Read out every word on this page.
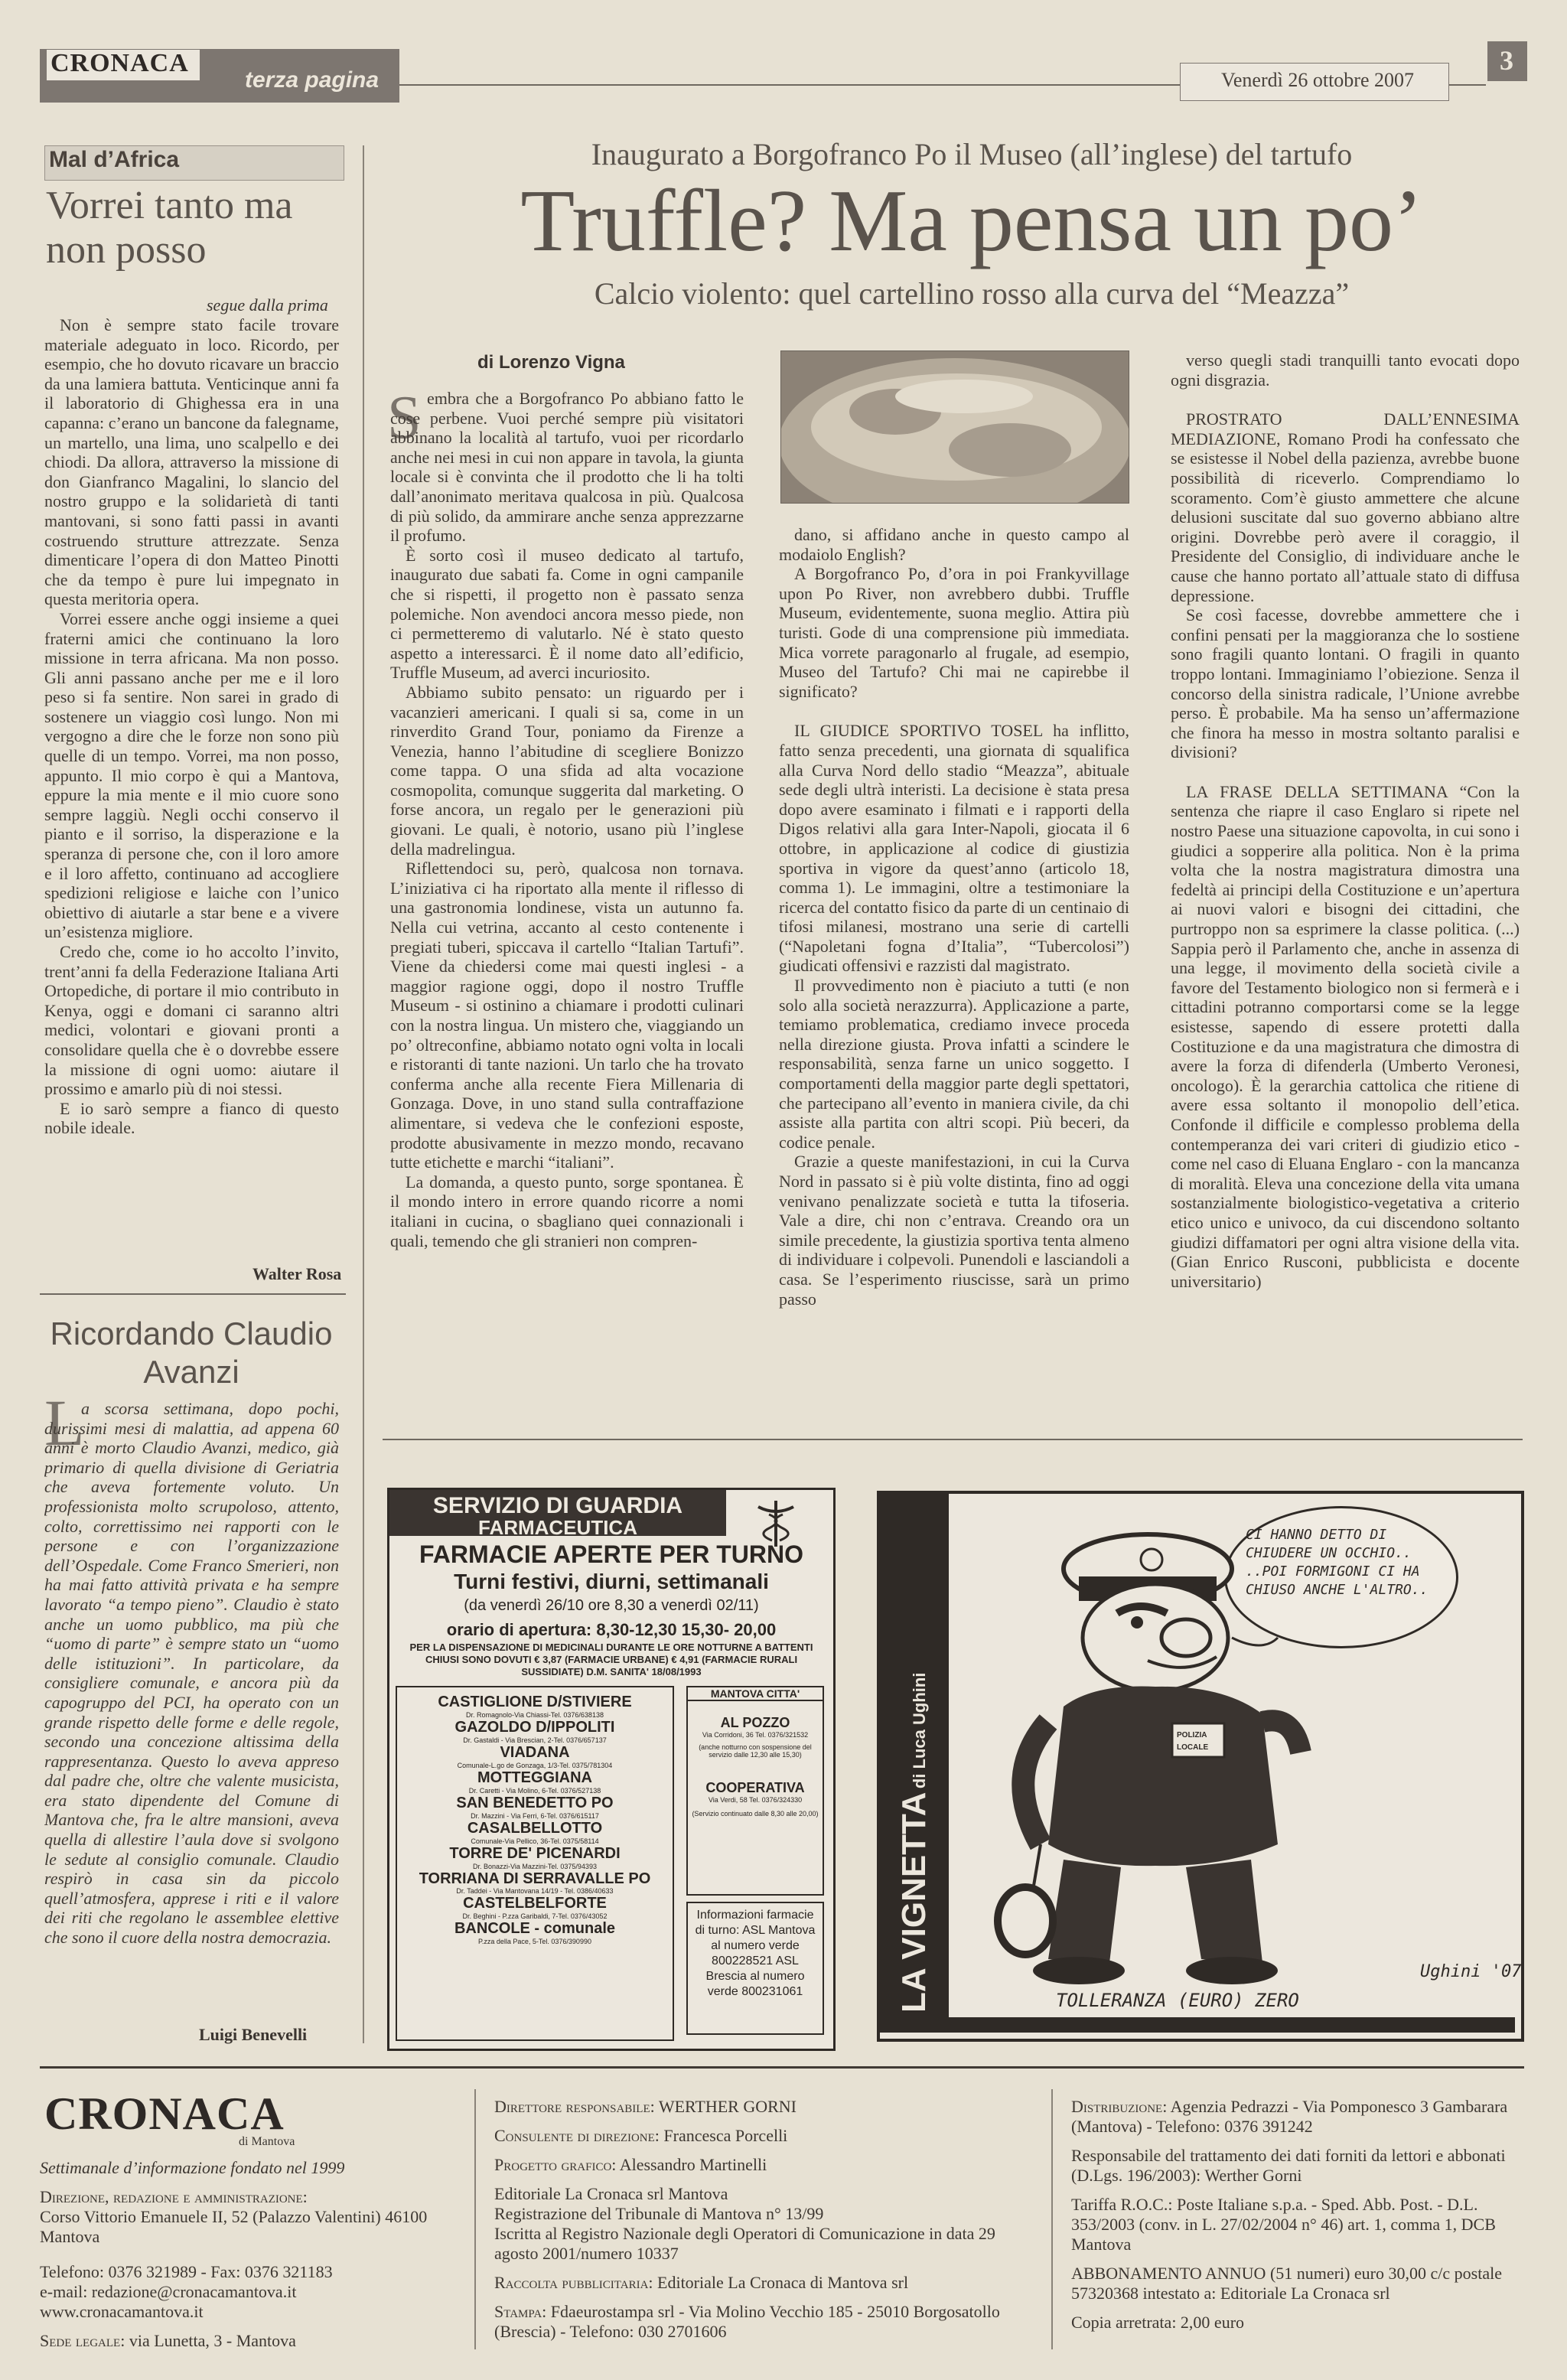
CRONACA
terza pagina	Venerdì 26 ottobre 2007
3
Mal d’Africa
Vorrei tanto ma non posso
segue dalla prima

Non è sempre stato facile trovare materiale adeguato in loco. Ricordo, per esempio, che ho dovuto ricavare un braccio da una lamiera battuta. Venticinque anni fa il laboratorio di Ghighessa era in una capanna: c’erano un bancone da falegname, un martello, una lima, uno scalpello e dei chiodi. Da allora, attraverso la missione di don Gianfranco Magalini, lo slancio del nostro gruppo e la solidarietà di tanti mantovani, si sono fatti passi in avanti costruendo strutture attrezzate. Senza dimenticare l’opera di don Matteo Pinotti che da tempo è pure lui impegnato in questa meritoria opera.

Vorrei essere anche oggi insieme a quei fraterni amici che continuano la loro missione in terra africana. Ma non posso. Gli anni passano anche per me e il loro peso si fa sentire. Non sarei in grado di sostenere un viaggio così lungo. Non mi vergogno a dire che le forze non sono più quelle di un tempo. Vorrei, ma non posso, appunto. Il mio corpo è qui a Mantova, eppure la mia mente e il mio cuore sono sempre laggiù. Negli occhi conservo il pianto e il sorriso, la disperazione e la speranza di persone che, con il loro amore e il loro affetto, continuano ad accogliere spedizioni religiose e laiche con l’unico obiettivo di aiutarle a star bene e a vivere un’esistenza migliore.

Credo che, come io ho accolto l’invito, trent’anni fa della Federazione Italiana Arti Ortopediche, di portare il mio contributo in Kenya, oggi e domani ci saranno altri medici, volontari e giovani pronti a consolidare quella che è o dovrebbe essere la missione di ogni uomo: aiutare il prossimo e amarlo più di noi stessi.

E io sarò sempre a fianco di questo nobile ideale.

Walter Rosa
Ricordando Claudio Avanzi
L

a scorsa settimana, dopo pochi, durissimi mesi di malattia, ad appena 60 anni è morto Claudio Avanzi, medico, già primario di quella divisione di Geriatria che aveva fortemente voluto. Un professionista molto scrupoloso, attento, colto, correttissimo nei rapporti con le persone e con l’organizzazione dell’Ospedale. Come Franco Smerieri, non ha mai fatto attività privata e ha sempre lavorato “a tempo pieno”. Claudio è stato anche un uomo pubblico, ma più che “uomo di parte” è sempre stato un “uomo delle istituzioni”. In particolare, da consigliere comunale, e ancora più da capogruppo del PCI, ha operato con un grande rispetto delle forme e delle regole, secondo una concezione altissima della rappresentanza. Questo lo aveva appreso dal padre che, oltre che valente musicista, era stato dipendente del Comune di Mantova che, fra le altre mansioni, aveva quella di allestire l’aula dove si svolgono le sedute al consiglio comunale. Claudio respirò in casa sin da piccolo quell’atmosfera, apprese i riti e il valore dei riti che regolano le assemblee elettive che sono il cuore della nostra democrazia.

Luigi Benevelli
Inaugurato a Borgofranco Po il Museo (all’inglese) del tartufo
Truffle? Ma pensa un po’
Calcio violento: quel cartellino rosso alla curva del “Meazza”
di Lorenzo Vigna
S embra che a Borgofranco Po abbiano fatto le cose perbene. Vuoi perché sempre più visitatori abbinano la località al tartufo, vuoi per ricordarlo anche nei mesi in cui non appare in tavola, la giunta locale si è convinta che il prodotto che li ha tolti dall’anonimato meritava qualcosa in più. Qualcosa di più solido, da ammirare anche senza apprezzarne il profumo.

È sorto così il museo dedicato al tartufo, inaugurato due sabati fa. Come in ogni campanile che si rispetti, il progetto non è passato senza polemiche. Non avendoci ancora messo piede, non ci permetteremo di valutarlo. Né è stato questo aspetto a interessarci. È il nome dato all’edificio, Truffle Museum, ad averci incuriosito.

Abbiamo subito pensato: un riguardo per i vacanzieri americani. I quali si sa, come in un rinverdito Grand Tour, poniamo da Firenze a Venezia, hanno l’abitudine di scegliere Bonizzo come tappa. O una sfida ad alta vocazione cosmopolita, comunque suggerita dal marketing. O forse ancora, un regalo per le generazioni più giovani. Le quali, è notorio, usano più l’inglese della madrelingua.

Riflettendoci su, però, qualcosa non tornava. L’iniziativa ci ha riportato alla mente il riflesso di una gastronomia londinese, vista un autunno fa. Nella cui vetrina, accanto al cesto contenente i pregiati tuberi, spiccava il cartello “Italian Tartufi”. Viene da chiedersi come mai questi inglesi - a maggior ragione oggi, dopo il nostro Truffle Museum - si ostinino a chiamare i prodotti culinari con la nostra lingua. Un mistero che, viaggiando un po’ oltreconfine, abbiamo notato ogni volta in locali e ristoranti di tante nazioni. Un tarlo che ha trovato conferma anche alla recente Fiera Millenaria di Gonzaga. Dove, in uno stand sulla contraffazione alimentare, si vedeva che le confezioni esposte, prodotte abusivamente in mezzo mondo, recavano tutte etichette e marchi “italiani”.

La domanda, a questo punto, sorge spontanea. È il mondo intero in errore quando ricorre a nomi italiani in cucina, o sbagliano quei connazionali i quali, temendo che gli stranieri non compren-

dano, si affidano anche in questo campo al modaiolo English?

A Borgofranco Po, d’ora in poi Frankyvillage upon Po River, non avrebbero dubbi. Truffle Museum, evidentemente, suona meglio. Attira più turisti. Gode di una comprensione più immediata. Mica vorrete paragonarlo al frugale, ad esempio, Museo del Tartufo? Chi mai ne capirebbe il significato?

IL GIUDICE SPORTIVO TOSEL ha inflitto, fatto senza precedenti, una giornata di squalifica alla Curva Nord dello stadio “Meazza”, abituale sede degli ultrà interisti. La decisione è stata presa dopo avere esaminato i filmati e i rapporti della Digos relativi alla gara Inter-Napoli, giocata il 6 ottobre, in applicazione al codice di giustizia sportiva in vigore da quest’anno (articolo 18, comma 1). Le immagini, oltre a testimoniare la ricerca del contatto fisico da parte di un centinaio di tifosi milanesi, mostrano una serie di cartelli (“Napoletani fogna d’Italia”, “Tubercolosi”) giudicati offensivi e razzisti dal magistrato.

Il provvedimento non è piaciuto a tutti (e non solo alla società nerazzurra). Applicazione a parte, temiamo problematica, crediamo invece proceda nella direzione giusta. Prova infatti a scindere le responsabilità, senza farne un unico soggetto. I comportamenti della maggior parte degli spettatori, che partecipano all’evento in maniera civile, da chi assiste alla partita con altri scopi. Più beceri, da codice penale.

Grazie a queste manifestazioni, in cui la Curva Nord in passato si è più volte distinta, fino ad oggi venivano penalizzate società e tutta la tifoseria. Vale a dire, chi non c’entrava. Creando ora un simile precedente, la giustizia sportiva tenta almeno di individuare i colpevoli. Punendoli e lasciandoli a casa. Se l’esperimento riuscisse, sarà un primo passo

verso quegli stadi tranquilli tanto evocati dopo ogni disgrazia.

PROSTRATO DALL’ENNESIMA MEDIAZIONE, Romano Prodi ha confessato che se esistesse il Nobel della pazienza, avrebbe buone possibilità di riceverlo. Comprendiamo lo scoramento. Com’è giusto ammettere che alcune delusioni suscitate dal suo governo abbiano altre origini. Dovrebbe però avere il coraggio, il Presidente del Consiglio, di individuare anche le cause che hanno portato all’attuale stato di diffusa depressione.

Se così facesse, dovrebbe ammettere che i confini pensati per la maggioranza che lo sostiene sono fragili quanto lontani. O fragili in quanto troppo lontani. Immaginiamo l’obiezione. Senza il concorso della sinistra radicale, l’Unione avrebbe perso. È probabile. Ma ha senso un’affermazione che finora ha messo in mostra soltanto paralisi e divisioni?

LA FRASE DELLA SETTIMANA “Con la sentenza che riapre il caso Englaro si ripete nel nostro Paese una situazione capovolta, in cui sono i giudici a sopperire alla politica. Non è la prima volta che la nostra magistratura dimostra una fedeltà ai principi della Costituzione e un’apertura ai nuovi valori e bisogni dei cittadini, che purtroppo non sa esprimere la classe politica. (...) Sappia però il Parlamento che, anche in assenza di una legge, il movimento della società civile a favore del Testamento biologico non si fermerà e i cittadini potranno comportarsi come se la legge esistesse, sapendo di essere protetti dalla Costituzione e da una magistratura che dimostra di avere la forza di difenderla (Umberto Veronesi, oncologo). È la gerarchia cattolica che ritiene di avere essa soltanto il monopolio dell’etica. Confonde il difficile e complesso problema della contemperanza dei vari criteri di giudizio etico - come nel caso di Eluana Englaro - con la mancanza di moralità. Eleva una concezione della vita umana sostanzialmente biologistico-vegetativa a criterio etico unico e univoco, da cui discendono soltanto giudizi diffamatori per ogni altra visione della vita. (Gian Enrico Rusconi, pubblicista e docente universitario)

SERVIZIO DI GUARDIA
FARMACEUTICA
FARMACIE APERTE PER TURNO
Turni festivi, diurni, settimanali
(da venerdì 26/10 ore 8,30 a venerdì 02/11)
orario di apertura: 8,30-12,30 15,30- 20,00
PER LA DISPENSAZIONE DI MEDICINALI DURANTE LE ORE NOTTURNE A BATTENTI CHIUSI SONO DOVUTI € 3,87 (FARMACIE URBANE) € 4,91 (FARMACIE RURALI SUSSIDIATE) D.M. SANITA' 18/08/1993
CASTIGLIONE D/STIVIERE
Dr. Romagnolo-Via Chiassi-Tel. 0376/638138
GAZOLDO D/IPPOLITI
Dr. Gastaldi - Via Brescian, 2-Tel. 0376/657137
VIADANA
Comunale-L.go de Gonzaga, 1/3-Tel. 0375/781304
MOTTEGGIANA
Dr. Caretti - Via Molino, 6-Tel. 0376/527138
SAN BENEDETTO PO
Dr. Mazzini - Via Ferri, 6-Tel. 0376/615117
CASALBELLOTTO
Comunale-Via Pellico, 36-Tel. 0375/58114
TORRE DE' PICENARDI
Dr. Bonazzi-Via Mazzini-Tel. 0375/94393
TORRIANA DI SERRAVALLE PO
Dr. Taddei - Via Mantovana 14/19 - Tel. 0386/40633
CASTELBELFORTE
Dr. Beghini - P.zza Garibaldi, 7-Tel. 0376/43052
BANCOLE - comunale
P.zza della Pace, 5-Tel. 0376/390990
MANTOVA CITTA'
AL POZZO
Via Corridoni, 36 Tel. 0376/321532
(anche notturno con sospensione del servizio dalle 12,30 alle 15,30)
COOPERATIVA
Via Verdi, 58 Tel. 0376/324330
(Servizio continuato dalle 8,30 alle 20,00)
Informazioni farmacie di turno: ASL Mantova al numero verde 800228521 ASL Brescia al numero verde 800231061	LA VIGNETTA di Luca Ughini
CI HANNO DETTO DI CHIUDERE UN OCCHIO.. ..POI FORMIGONI CI HA CHIUSO ANCHE L'ALTRO..
POLIZIA
LOCALE
Ughini '07
TOLLERANZA (EURO) ZERO
CRONACA
di Mantova

Settimanale d’informazione fondato nel 1999

Direzione, redazione e amministrazione:

Corso Vittorio Emanuele II, 52 (Palazzo Valentini) 46100 Mantova

Telefono: 0376 321989 - Fax: 0376 321183

e-mail: redazione@cronacamantova.it

www.cronacamantova.it

Sede legale: via Lunetta, 3 - Mantova

Direttore responsabile: WERTHER GORNI

Consulente di direzione: Francesca Porcelli

Progetto grafico: Alessandro Martinelli

Editoriale La Cronaca srl Mantova

Registrazione del Tribunale di Mantova n° 13/99

Iscritta al Registro Nazionale degli Operatori di Comunicazione in data 29 agosto 2001/numero 10337

Raccolta pubblicitaria: Editoriale La Cronaca di Mantova srl

Stampa: Fdaeurostampa srl - Via Molino Vecchio 185 - 25010 Borgosatollo (Brescia) - Telefono: 030 2701606

Distribuzione: Agenzia Pedrazzi - Via Pomponesco 3 Gambarara (Mantova) - Telefono: 0376 391242

Responsabile del trattamento dei dati forniti da lettori e abbonati (D.Lgs. 196/2003): Werther Gorni

Tariffa R.O.C.: Poste Italiane s.p.a. - Sped. Abb. Post. - D.L. 353/2003 (conv. in L. 27/02/2004 n° 46) art. 1, comma 1, DCB Mantova

ABBONAMENTO ANNUO (51 numeri) euro 30,00 c/c postale 57320368 intestato a: Editoriale La Cronaca srl

Copia arretrata: 2,00 euro
